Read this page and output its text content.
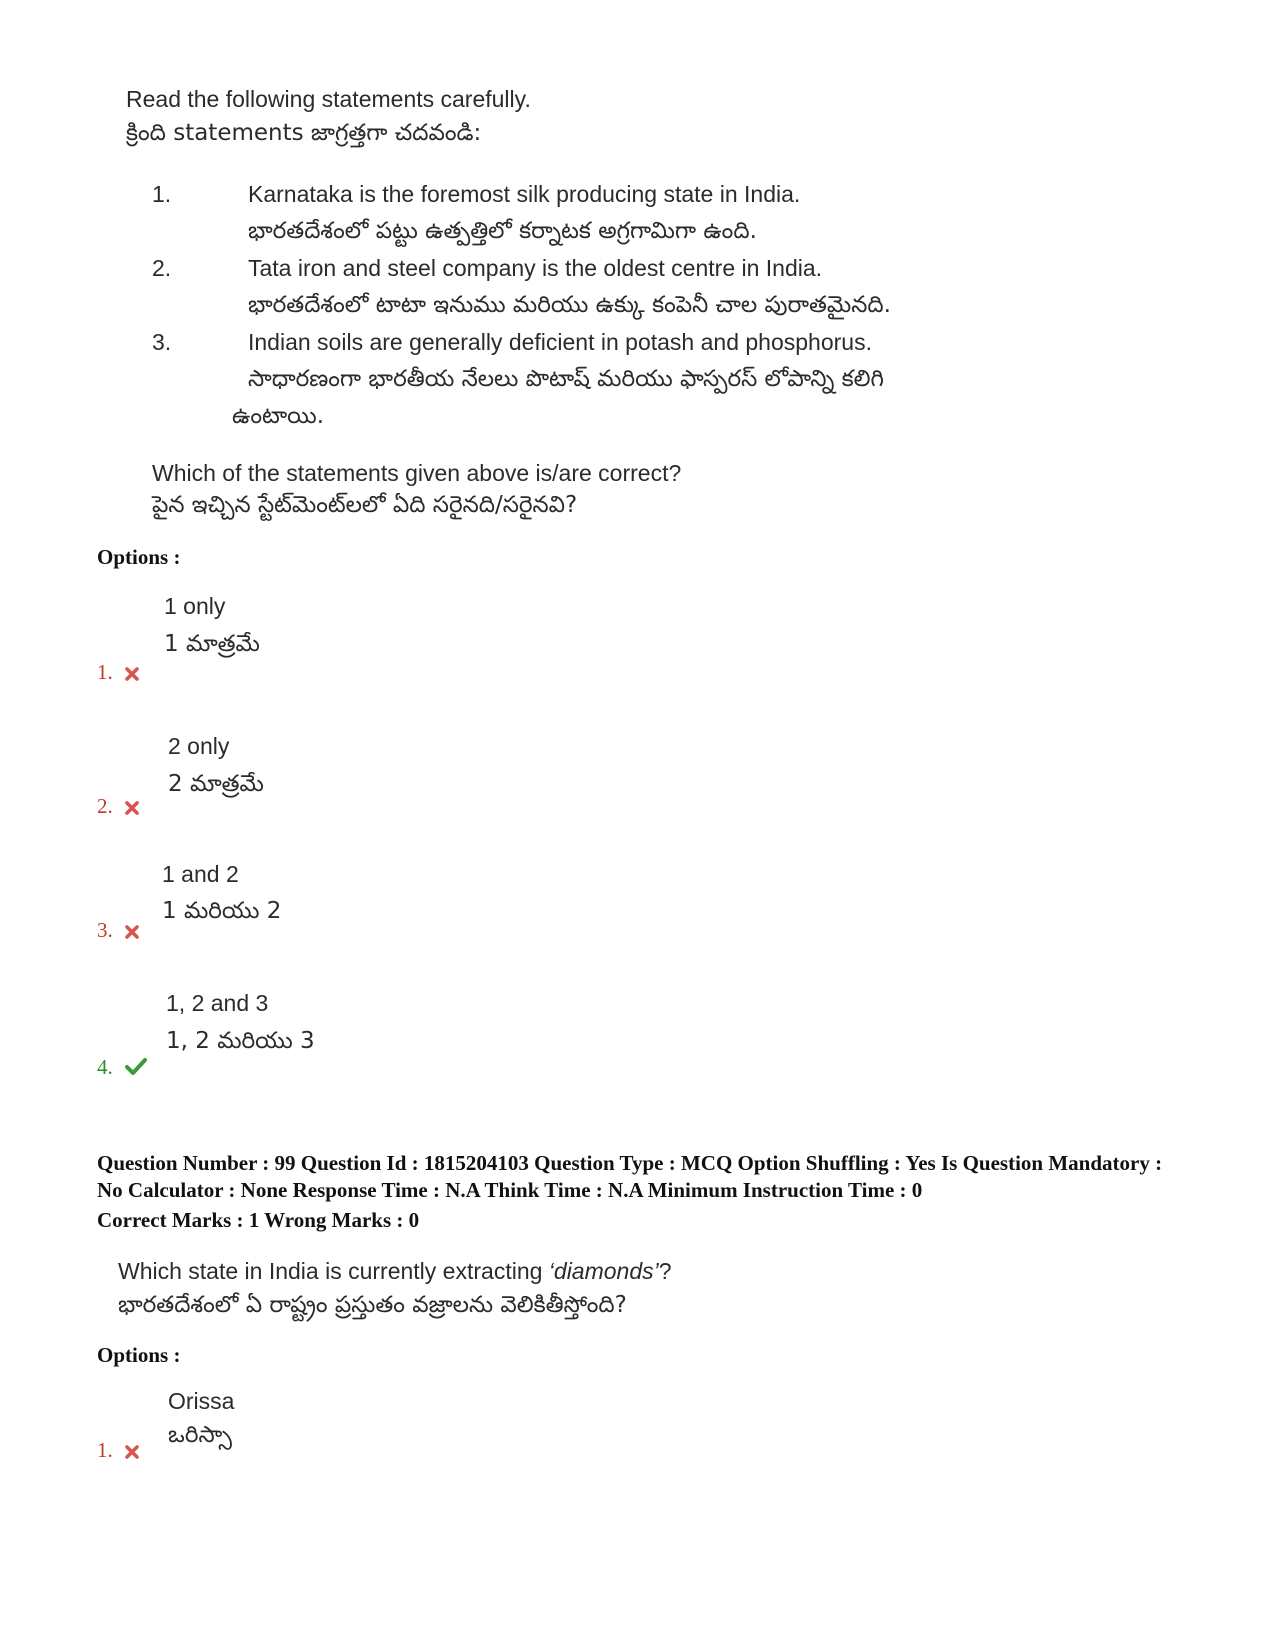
Read the following statements carefully.
క్రింది statements జాగ్రత్తగా చదవండి:
1.	Karnataka is the foremost silk producing state in India.
భారతదేశంలో పట్టు ఉత్పత్తిలో కర్నాటక అగ్రగామిగా ఉంది.
2.	Tata iron and steel company is the oldest centre in India.
భారతదేశంలో టాటా ఇనుము మరియు ఉక్కు కంపెనీ చాల పురాతమైనది.
3.	Indian soils are generally deficient in potash and phosphorus.
సాధారణంగా భారతీయ నేలలు పొటాష్ మరియు ఫాస్పరస్ లోపాన్ని కలిగి
ఉంటాయి.
Which of the statements given above is/are correct?
పైన ఇచ్చిన స్టేట్‌మెంట్‌లలో ఏది సరైనది/సరైనవి?
Options :
1 only
1 మాత్రమే
1.
2 only
2 మాత్రమే
2.
1 and 2
1 మరియు 2
3.
1, 2 and 3
1, 2 మరియు 3
4.
Question Number : 99 Question Id : 1815204103 Question Type : MCQ Option Shuffling : Yes Is Question Mandatory : No Calculator : None Response Time : N.A Think Time : N.A Minimum Instruction Time : 0
Correct Marks : 1 Wrong Marks : 0
Which state in India is currently extracting ‘diamonds’?
భారతదేశంలో ఏ రాష్ట్రం ప్రస్తుతం వజ్రాలను వెలికితీస్తోంది?
Options :
Orissa
ఒరిస్సా
1.
